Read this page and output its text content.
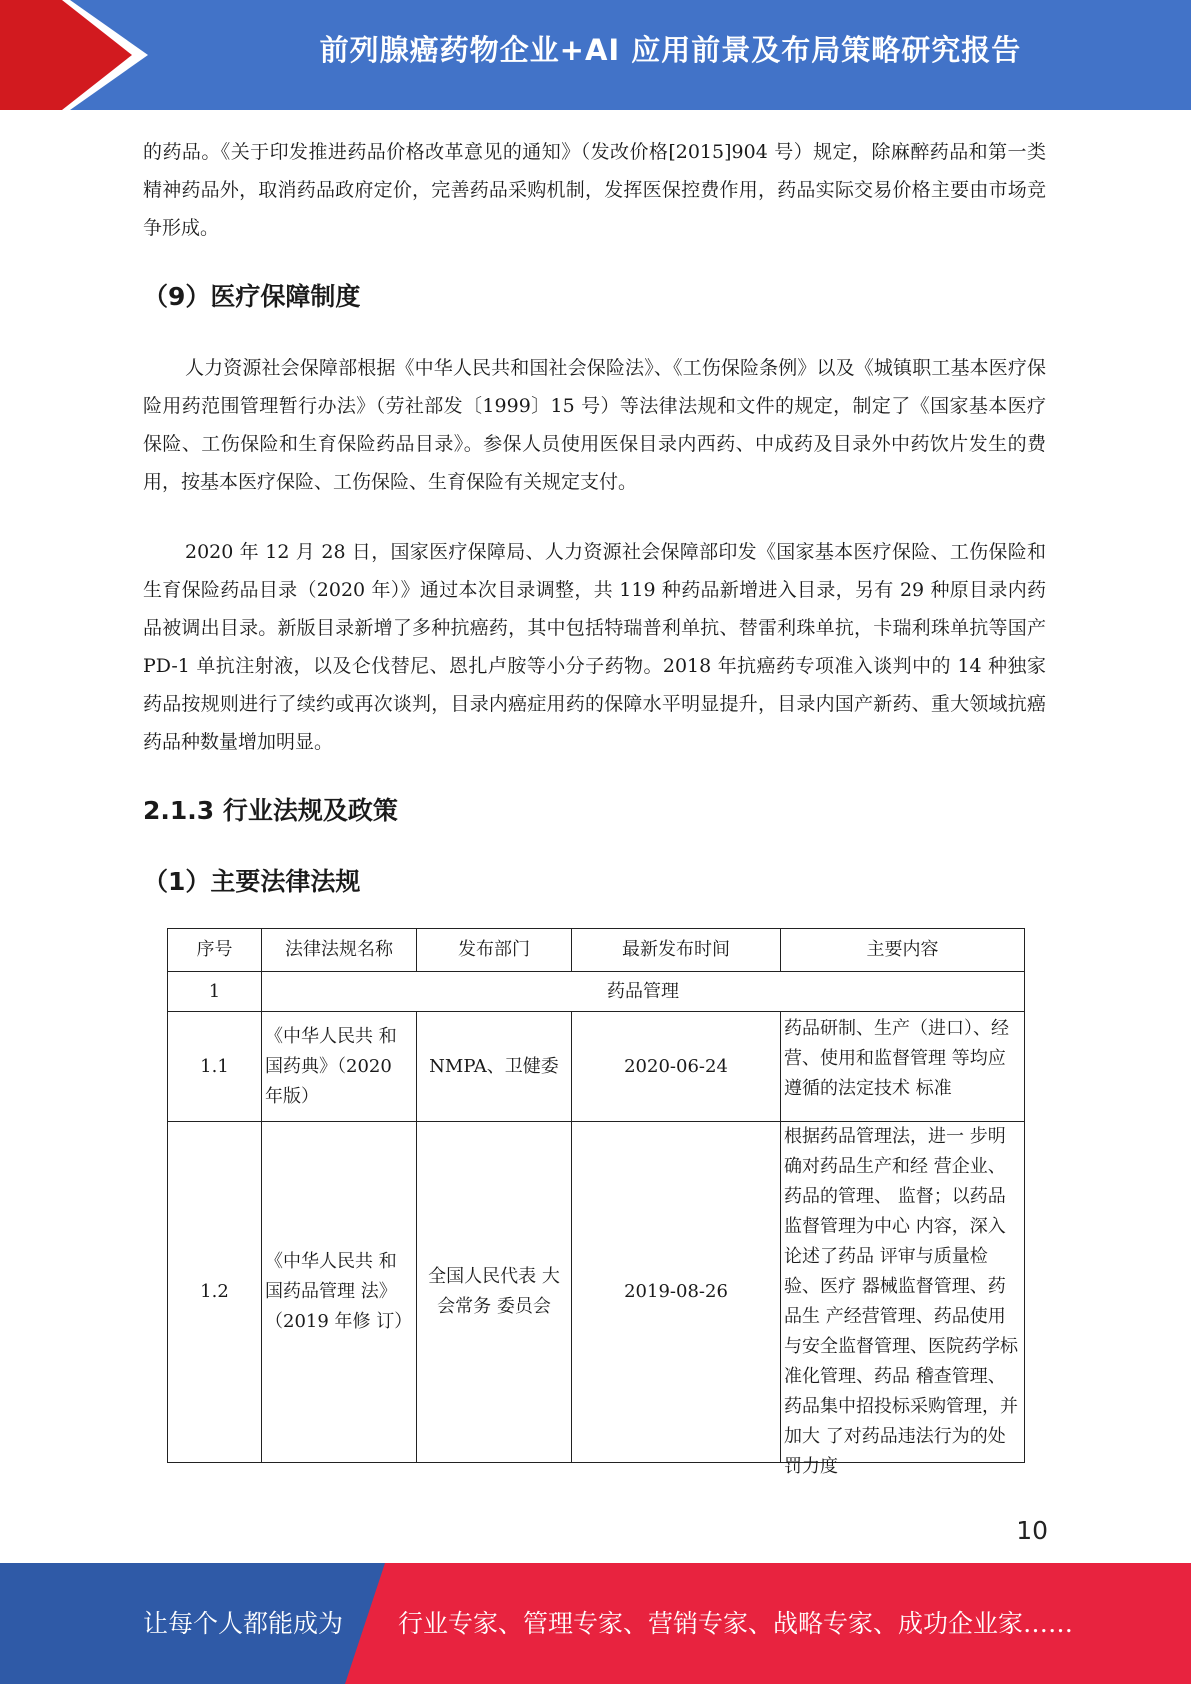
前列腺癌药物企业+AI 应用前景及布局策略研究报告

的药品。《关于印发推进药品价格改革意见的通知》（发改价格[2015]904 号）规定，除麻醉药品和第一类精神药品外，取消药品政府定价，完善药品采购机制，发挥医保控费作用，药品实际交易价格主要由市场竞争形成。

（9）医疗保障制度

人力资源社会保障部根据《中华人民共和国社会保险法》、《工伤保险条例》以及《城镇职工基本医疗保险用药范围管理暂行办法》（劳社部发〔1999〕15 号）等法律法规和文件的规定，制定了《国家基本医疗保险、工伤保险和生育保险药品目录》。参保人员使用医保目录内西药、中成药及目录外中药饮片发生的费用，按基本医疗保险、工伤保险、生育保险有关规定支付。

2020 年 12 月 28 日，国家医疗保障局、人力资源社会保障部印发《国家基本医疗保险、工伤保险和生育保险药品目录（2020 年）》通过本次目录调整，共 119 种药品新增进入目录，另有 29 种原目录内药品被调出目录。新版目录新增了多种抗癌药，其中包括特瑞普利单抗、替雷利珠单抗，卡瑞利珠单抗等国产 PD-1 单抗注射液，以及仑伐替尼、恩扎卢胺等小分子药物。2018 年抗癌药专项准入谈判中的 14 种独家药品按规则进行了续约或再次谈判，目录内癌症用药的保障水平明显提升，目录内国产新药、重大领域抗癌药品种数量增加明显。

2.1.3 行业法规及政策
（1）主要法律法规
序号	法律法规名称	发布部门	最新发布时间	主要内容
1	药品管理			
1.1	《中华人民共 和国药典》（2020 年版）	NMPA、卫健委	2020-06-24	药品研制、生产（进口）、经营、使用和监督管理 等均应遵循的法定技术 标准
1.2	《中华人民共 和国药品管理 法》（2019 年修 订）	全国人民代表 大会常务 委员会	2019-08-26	根据药品管理法，进一 步明确对药品生产和经 营企业、药品的管理、 监督；以药品监督管理为中心 内容，深入论述了药品 评审与质量检验、医疗 器械监督管理、药品生 产经营管理、药品使用 与安全监督管理、医院药学标准化管理、药品 稽查管理、药品集中招投标采购管理，并加大 了对药品违法行为的处 罚力度
10
让每个人都能成为 行业专家、管理专家、营销专家、战略专家、成功企业家……
